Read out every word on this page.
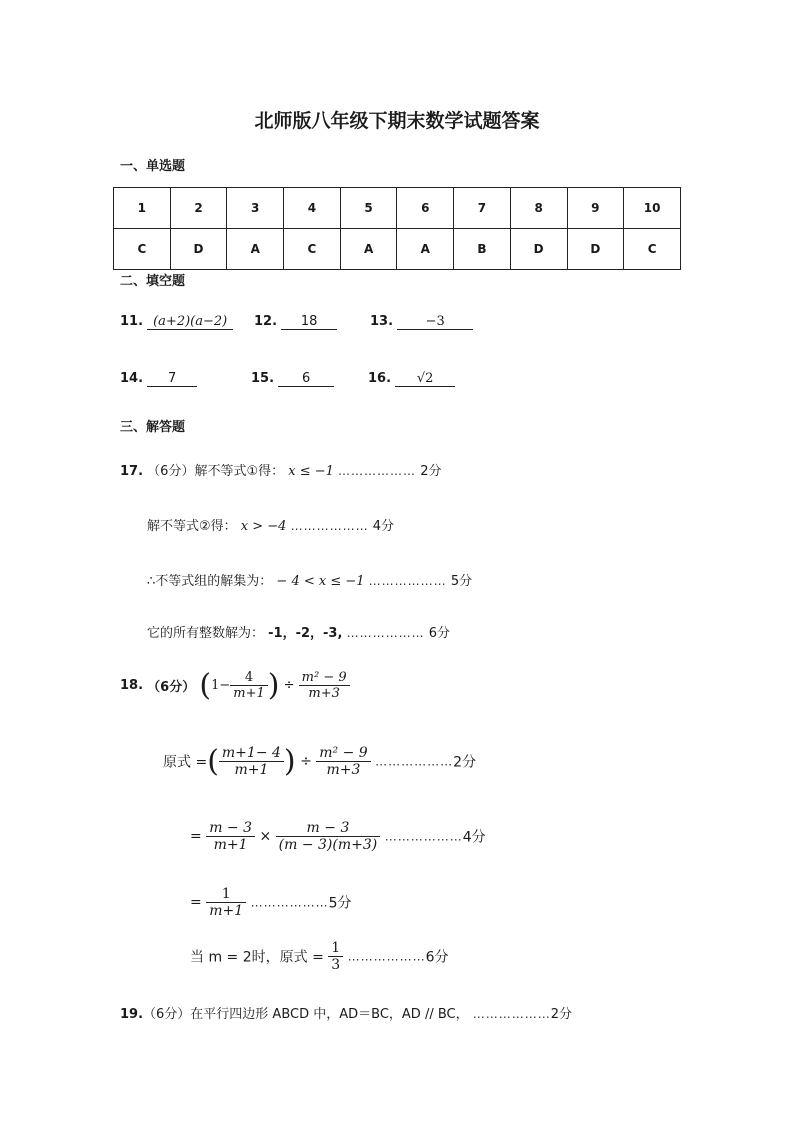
北师版八年级下期末数学试题答案
一、单选题
1	2	3	4	5	6	7	8	9	10
C	D	A	C	A	A	B	D	D	C
二、填空题
11. (a+2)(a−2)	12. 18	13.	−3
14. 7	15. 6	16. √2
三、解答题
17. （6分）解不等式①得： x ≤ −1 ……………… 2分
解不等式②得： x > −4 ……………… 4分
∴不等式组的解集为： − 4 < x ≤ −1 ……………… 5分
它的所有整数解为： -1，-2，-3, ……………… 6分
18. （6分） ($1- \frac{4}{m+1}$ ) ÷ $\frac{\text{m² − 9}}{m+3}$
原式 =( $\frac{m+1- 4}{m+1}$ ) ÷ $\frac{\text{m² − 9}}{m+3}$ ………………2分
= $\frac{m - 3}{m+1} \times \frac{m - 3}{(m - 3)(m+3)}$ ………………4分
= $\frac{1}{m+1}$ ………………5分
当 m = 2时，原式 = $\frac{1}{3}$ ………………6分
19.（6分）在平行四边形 ABCD 中，AD＝BC，AD // BC， ………………2分
